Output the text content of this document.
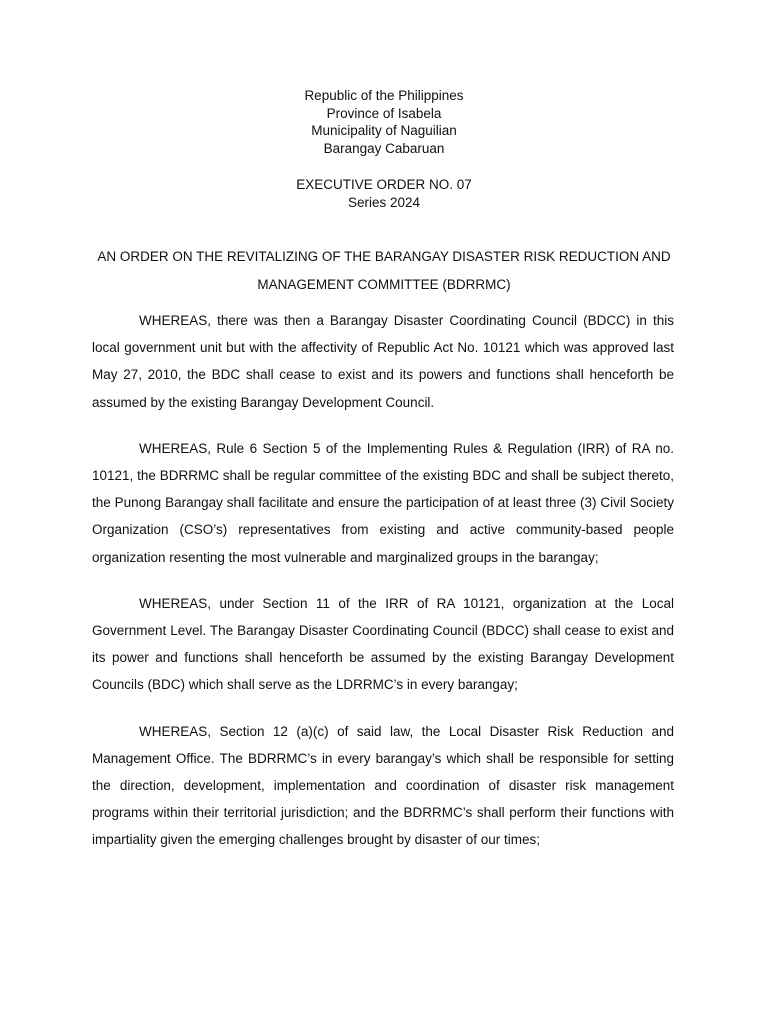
Republic of the Philippines
Province of Isabela
Municipality of Naguilian
Barangay Cabaruan
EXECUTIVE ORDER NO. 07
Series 2024
AN ORDER ON THE REVITALIZING OF THE BARANGAY DISASTER RISK REDUCTION AND MANAGEMENT COMMITTEE (BDRRMC)

WHEREAS, there was then a Barangay Disaster Coordinating Council (BDCC) in this local government unit but with the affectivity of Republic Act No. 10121 which was approved last May 27, 2010, the BDC shall cease to exist and its powers and functions shall henceforth be assumed by the existing Barangay Development Council.

WHEREAS, Rule 6 Section 5 of the Implementing Rules & Regulation (IRR) of RA no. 10121, the BDRRMC shall be regular committee of the existing BDC and shall be subject thereto, the Punong Barangay shall facilitate and ensure the participation of at least three (3) Civil Society Organization (CSO’s) representatives from existing and active community-based people organization resenting the most vulnerable and marginalized groups in the barangay;

WHEREAS, under Section 11 of the IRR of RA 10121, organization at the Local Government Level. The Barangay Disaster Coordinating Council (BDCC) shall cease to exist and its power and functions shall henceforth be assumed by the existing Barangay Development Councils (BDC) which shall serve as the LDRRMC’s in every barangay;

WHEREAS, Section 12 (a)(c) of said law, the Local Disaster Risk Reduction and Management Office. The BDRRMC’s in every barangay’s which shall be responsible for setting the direction, development, implementation and coordination of disaster risk management programs within their territorial jurisdiction; and the BDRRMC’s shall perform their functions with impartiality given the emerging challenges brought by disaster of our times;
